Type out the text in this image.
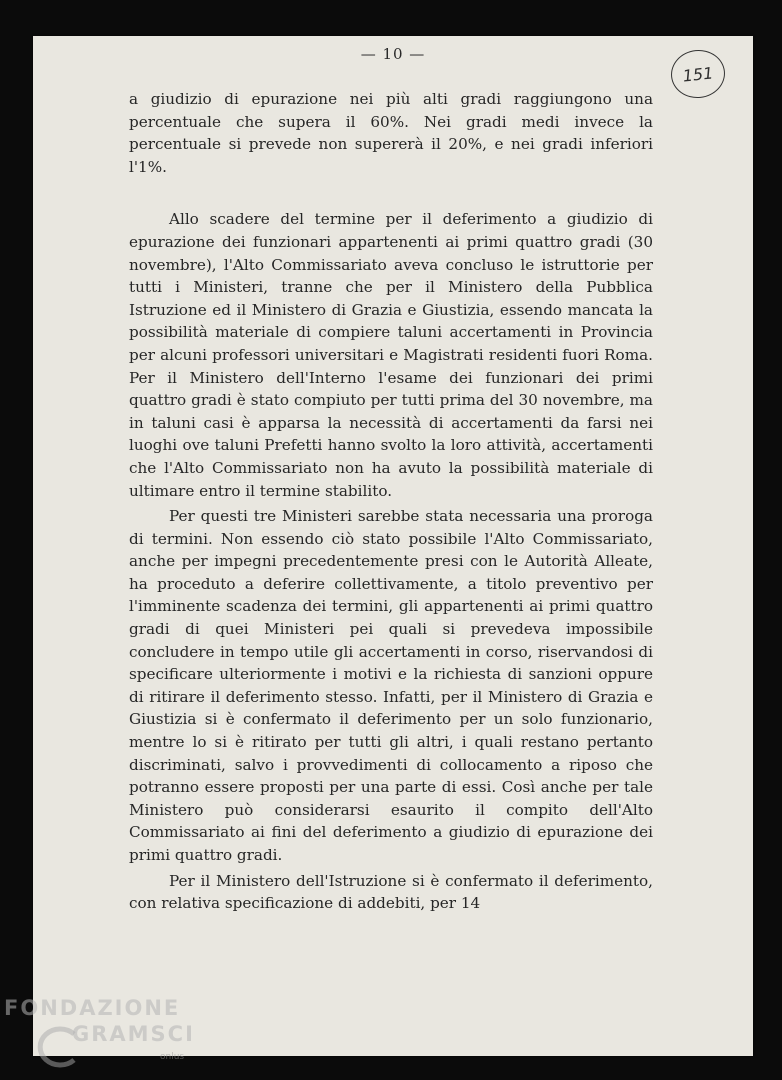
— 10 —
151

a giudizio di epurazione nei più alti gradi raggiungono una percentuale che supera il 60%. Nei gradi medi invece la percentuale si prevede non supererà il 20%, e nei gradi inferiori l'1%.

Allo scadere del termine per il deferimento a giudizio di epurazione dei funzionari appartenenti ai primi quattro gradi (30 novembre), l'Alto Commissariato aveva concluso le istruttorie per tutti i Ministeri, tranne che per il Ministero della Pubblica Istruzione ed il Ministero di Grazia e Giustizia, essendo mancata la possibilità materiale di compiere taluni accertamenti in Provincia per alcuni professori universitari e Magistrati residenti fuori Roma. Per il Ministero dell'Interno l'esame dei funzionari dei primi quattro gradi è stato compiuto per tutti prima del 30 novembre, ma in taluni casi è apparsa la necessità di accertamenti da farsi nei luoghi ove taluni Prefetti hanno svolto la loro attività, accertamenti che l'Alto Commissariato non ha avuto la possibilità materiale di ultimare entro il termine stabilito.

Per questi tre Ministeri sarebbe stata necessaria una proroga di termini. Non essendo ciò stato possibile l'Alto Commissariato, anche per impegni precedentemente presi con le Autorità Alleate, ha proceduto a deferire collettivamente, a titolo preventivo per l'imminente scadenza dei termini, gli appartenenti ai primi quattro gradi di quei Ministeri pei quali si prevedeva impossibile concludere in tempo utile gli accertamenti in corso, riservandosi di specificare ulteriormente i motivi e la richiesta di sanzioni oppure di ritirare il deferimento stesso. Infatti, per il Ministero di Grazia e Giustizia si è confermato il deferimento per un solo funzionario, mentre lo si è ritirato per tutti gli altri, i quali restano pertanto discriminati, salvo i provvedimenti di collocamento a riposo che potranno essere proposti per una parte di essi. Così anche per tale Ministero può considerarsi esaurito il compito dell'Alto Commissariato ai fini del deferimento a giudizio di epurazione dei primi quattro gradi.

Per il Ministero dell'Istruzione si è confermato il deferimento, con relativa specificazione di addebiti, per 14

FONDAZIONE
GRAMSCI
onlus
